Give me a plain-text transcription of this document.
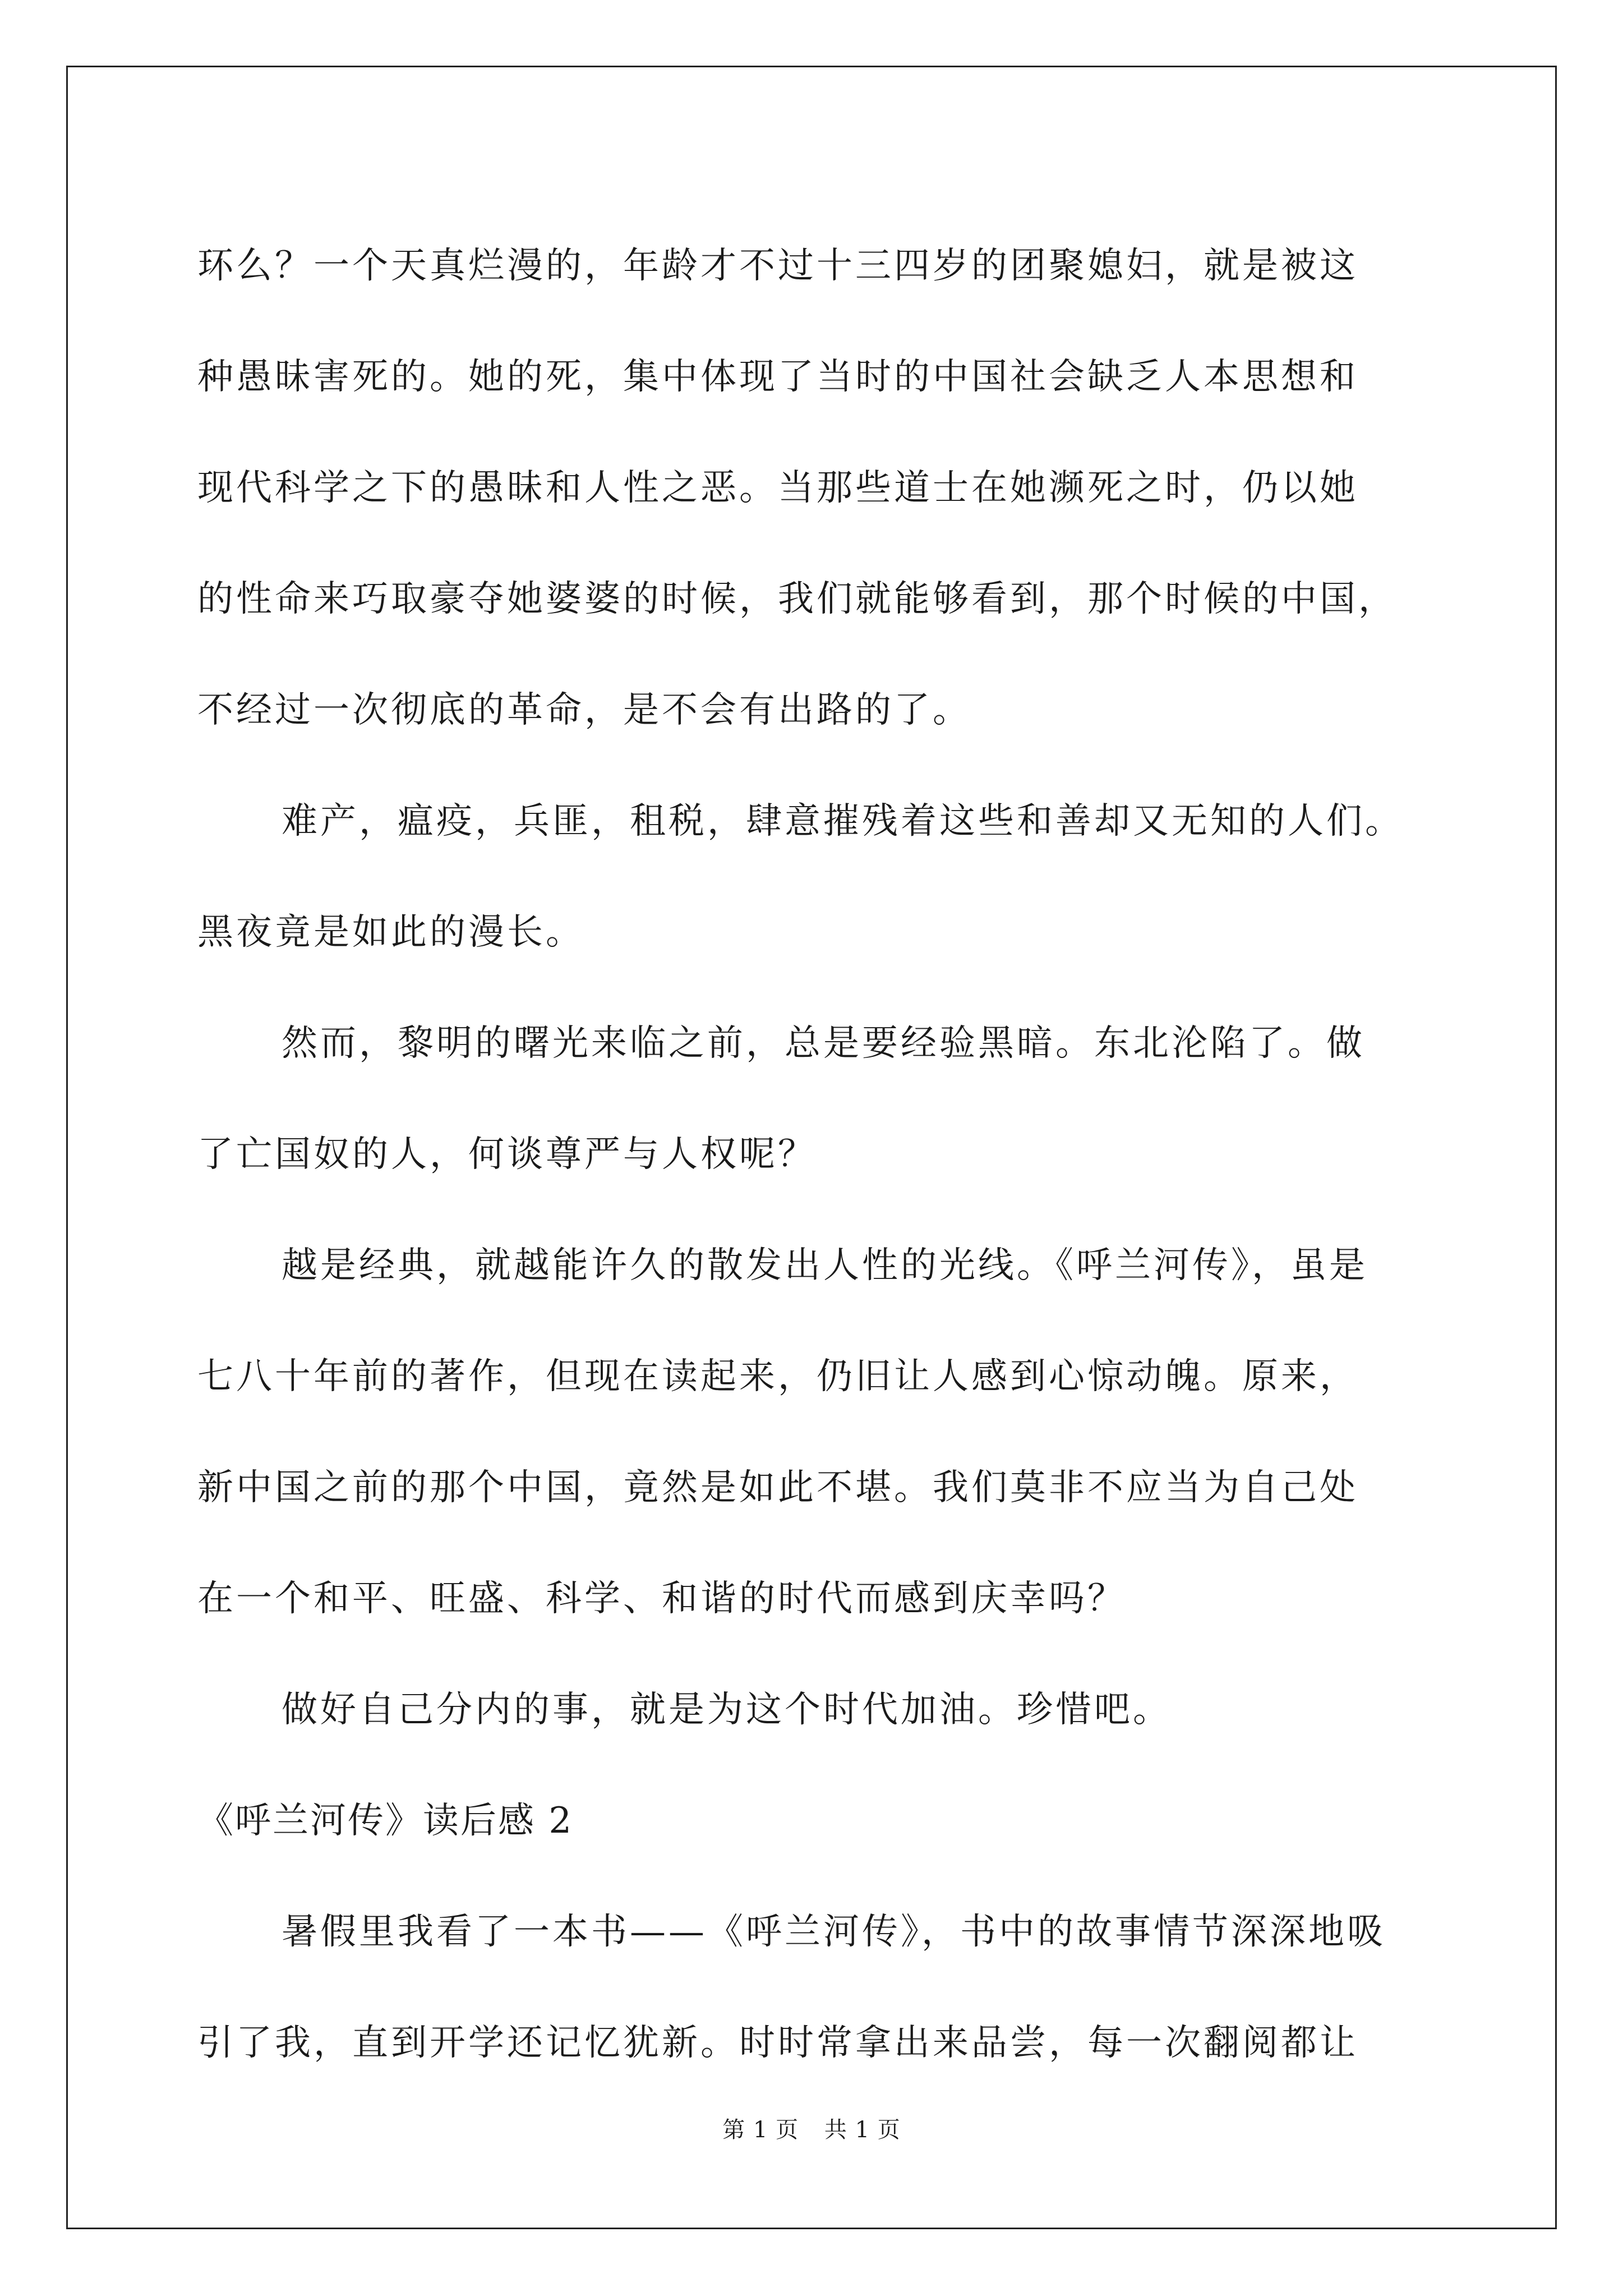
环么？一个天真烂漫的，年龄才不过十三四岁的团聚媳妇，就是被这
种愚昧害死的。她的死，集中体现了当时的中国社会缺乏人本思想和
现代科学之下的愚昧和人性之恶。当那些道士在她濒死之时，仍以她
的性命来巧取豪夺她婆婆的时候，我们就能够看到，那个时候的中国，
不经过一次彻底的革命，是不会有出路的了。
难产，瘟疫，兵匪，租税，肆意摧残着这些和善却又无知的人们。
黑夜竟是如此的漫长。
然而，黎明的曙光来临之前，总是要经验黑暗。东北沦陷了。做
了亡国奴的人，何谈尊严与人权呢？
越是经典，就越能许久的散发出人性的光线。《呼兰河传》，虽是
七八十年前的著作，但现在读起来，仍旧让人感到心惊动魄。原来，
新中国之前的那个中国，竟然是如此不堪。我们莫非不应当为自己处
在一个和平、旺盛、科学、和谐的时代而感到庆幸吗？
做好自己分内的事，就是为这个时代加油。珍惜吧。
《呼兰河传》读后感 2
暑假里我看了一本书——《呼兰河传》，书中的故事情节深深地吸
引了我，直到开学还记忆犹新。时时常拿出来品尝，每一次翻阅都让
第 1 页 共 1 页
